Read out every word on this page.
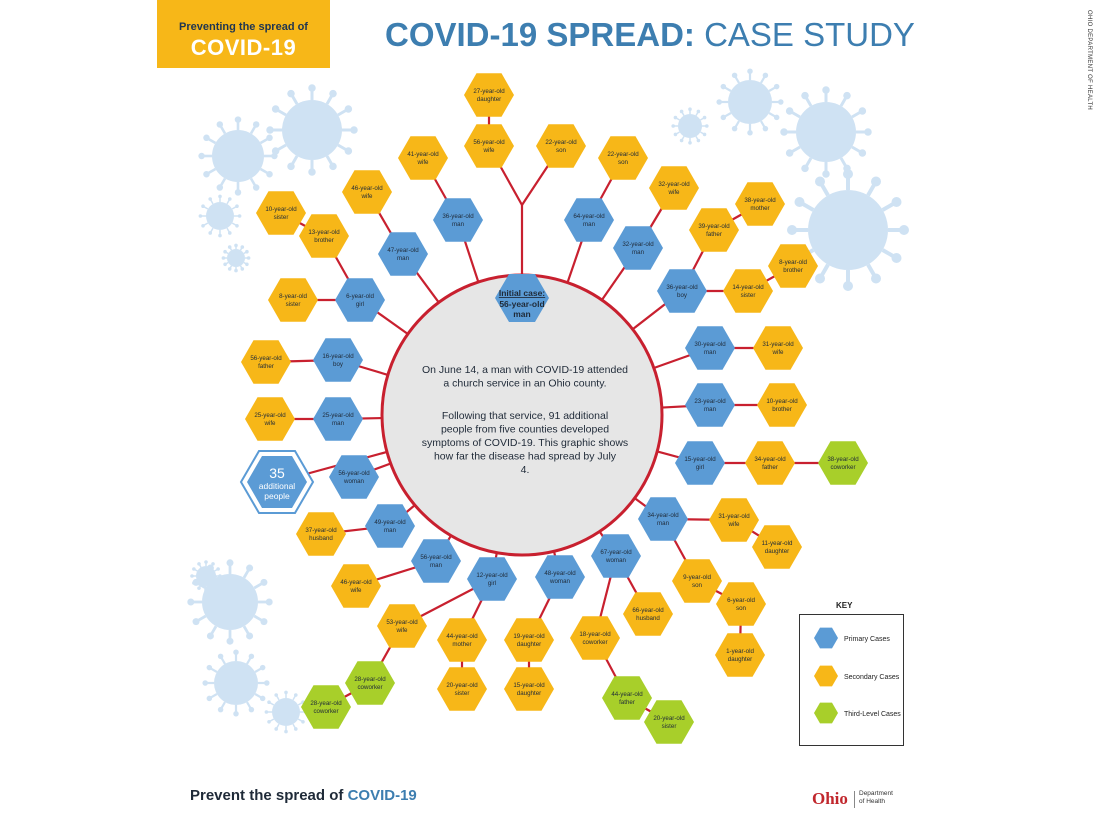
41-year-old
wife
36-year-old
man
27-year-old
daughter
56-year-old
wife
22-year-old
son
22-year-old
son
64-year-old
man
32-year-old
wife
32-year-old
man
38-year-old
mother
39-year-old
father
8-year-old
brother
36-year-old
boy
14-year-old
sister
46-year-old
wife
10-year-old
sister
13-year-old
brother
47-year-old
man
8-year-old
sister
6-year-old
girl
56-year-old
father
16-year-old
boy
25-year-old
wife
25-year-old
man
56-year-old
woman
37-year-old
husband
49-year-old
man
56-year-old
man
46-year-old
wife
53-year-old
wife
28-year-old
coworker
28-year-old
coworker
12-year-old
girl
44-year-old
mother
20-year-old
sister
48-year-old
woman
19-year-old
daughter
15-year-old
daughter
18-year-old
coworker
44-year-old
father
20-year-old
sister
67-year-old
woman
66-year-old
husband
34-year-old
man
31-year-old
wife
11-year-old
daughter
9-year-old
son
6-year-old
son
1-year-old
daughter
30-year-old
man
31-year-old
wife
23-year-old
man
10-year-old
brother
15-year-old
girl
34-year-old
father
38-year-old
coworker
Initial case:
56-year-old man
35
additional people
On June 14, a man with COVID-19 attended a church service in an Ohio county.
Following that service, 91 additional people from five counties developed symptoms of COVID-19. This graphic shows how far the disease had spread by July 4.
Preventing the spread of
COVID-19	COVID-19 SPREAD: CASE STUDY	OHIO DEPARTMENT OF HEALTH
KEY
Primary Cases
Secondary Cases
Third-Level Cases
Prevent the spread of COVID-19	Ohio Department
of Health
